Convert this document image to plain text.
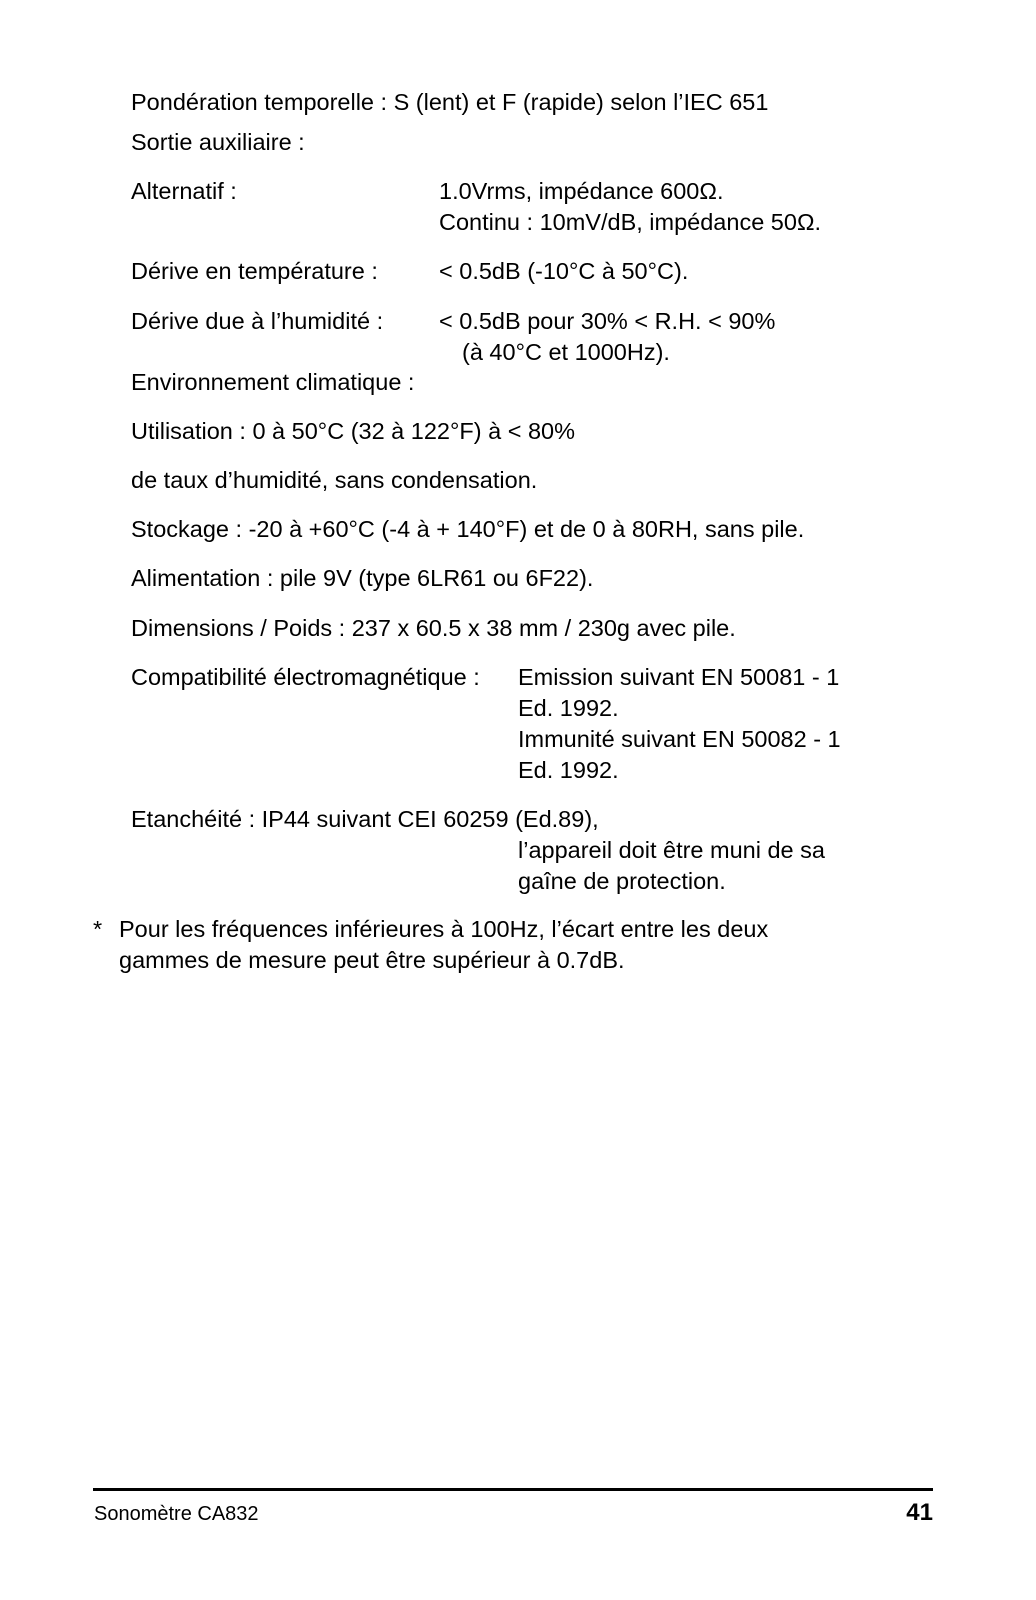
Pondération temporelle : S (lent) et F (rapide) selon l’IEC 651
Sortie auxiliaire :
Alternatif :	1.0Vrms, impédance 600Ω.
Continu : 10mV/dB, impédance 50Ω.
Dérive en température :	< 0.5dB (-10°C à 50°C).
Dérive due à l’humidité : < 0.5dB pour 30% < R.H. < 90%
(à 40°C et 1000Hz).
Environnement climatique :
Utilisation : 0 à 50°C (32 à 122°F) à < 80%
de taux d’humidité, sans condensation.
Stockage : -20 à +60°C (-4 à + 140°F) et de 0 à 80RH, sans pile.
Alimentation : pile 9V (type 6LR61 ou 6F22).
Dimensions / Poids : 237 x 60.5 x 38 mm / 230g avec pile.
Compatibilité électromagnétique : Emission suivant EN 50081 - 1
Ed. 1992.
Immunité suivant EN 50082 - 1
Ed. 1992.
Etanchéité : IP44 suivant CEI 60259 (Ed.89),
l’appareil doit être muni de sa
gaîne de protection.
* Pour les fréquences inférieures à 100Hz, l’écart entre les deux
gammes de mesure peut être supérieur à 0.7dB.
Sonomètre CA832	41
